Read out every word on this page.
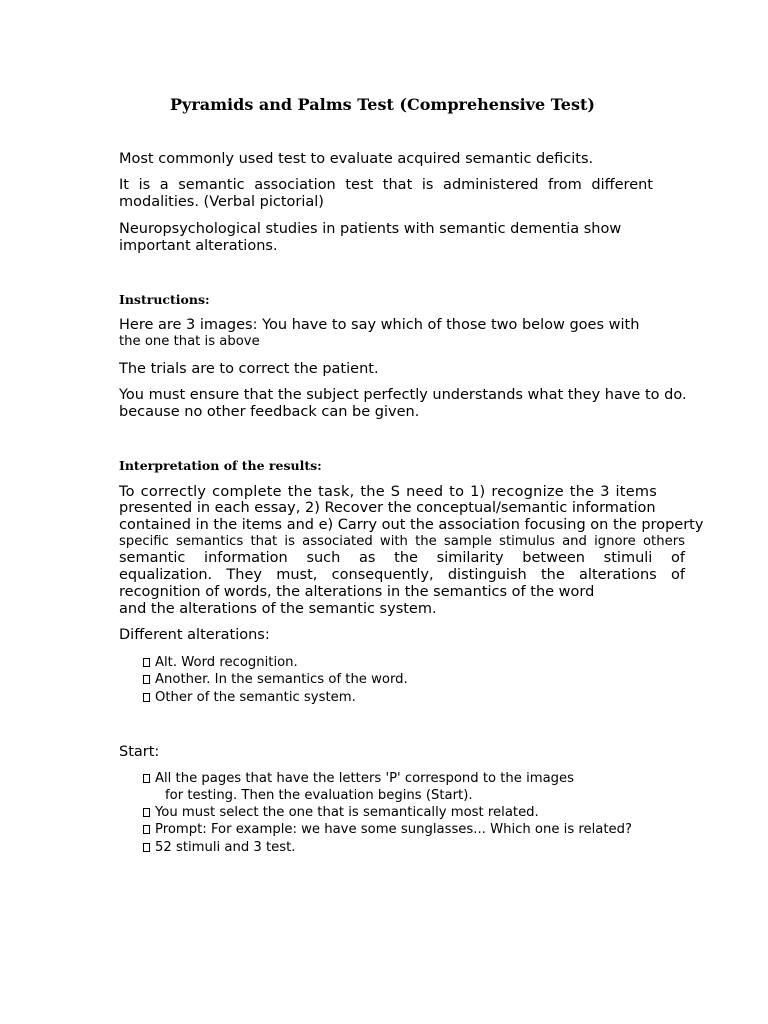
Pyramids and Palms Test (Comprehensive Test)
Most commonly used test to evaluate acquired semantic deficits.
It is a semantic association test that is administered from different
modalities. (Verbal pictorial)
Neuropsychological studies in patients with semantic dementia show
important alterations.
Instructions:
Here are 3 images: You have to say which of those two below goes with
the one that is above
The trials are to correct the patient.
You must ensure that the subject perfectly understands what they have to do.
because no other feedback can be given.
Interpretation of the results:
To correctly complete the task, the S need to 1) recognize the 3 items
presented in each essay, 2) Recover the conceptual/semantic information
contained in the items and e) Carry out the association focusing on the property
specific semantics that is associated with the sample stimulus and ignore others
semantic information such as the similarity between stimuli of
equalization. They must, consequently, distinguish the alterations of
recognition of words, the alterations in the semantics of the word
and the alterations of the semantic system.
Different alterations:
Alt. Word recognition.
Another. In the semantics of the word.
Other of the semantic system.
Start:
All the pages that have the letters 'P' correspond to the images
for testing. Then the evaluation begins (Start).
You must select the one that is semantically most related.
Prompt: For example: we have some sunglasses... Which one is related?
52 stimuli and 3 test.
